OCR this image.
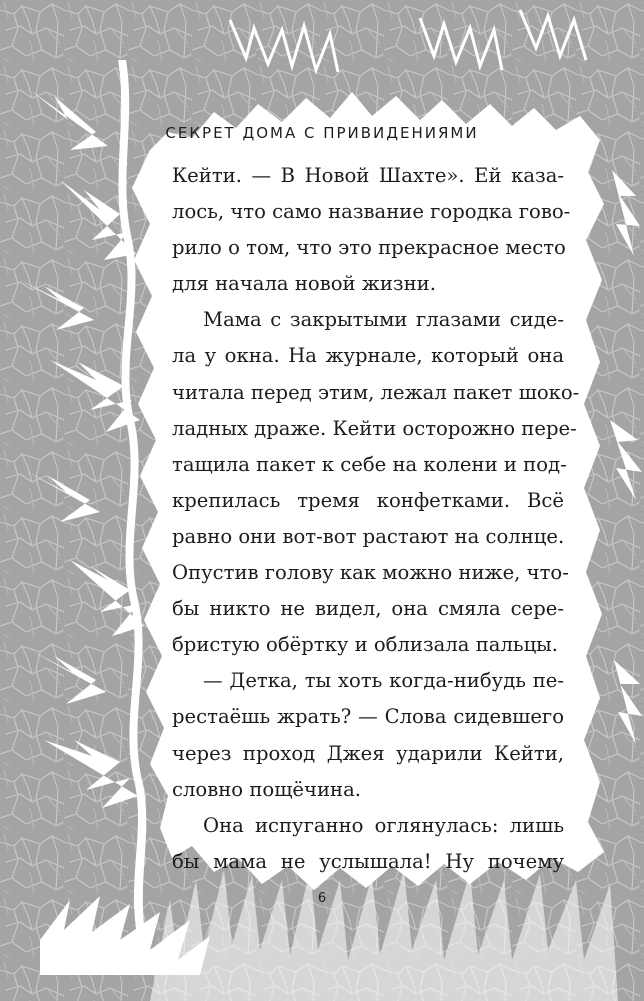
СЕКРЕТ ДОМА С ПРИВИДЕНИЯМИ
Кейти. — В Новой Шахте». Ей каза-
лось, что само название городка гово-
рило о том, что это прекрасное место
для начала новой жизни.
Мама с закрытыми глазами сиде-
ла у окна. На журнале, который она
читала перед этим, лежал пакет шоко-
ладных драже. Кейти осторожно пере-
тащила пакет к себе на колени и под-
крепилась тремя конфетками. Всё
равно они вот-вот растают на солнце.
Опустив голову как можно ниже, что-
бы никто не видел, она смяла сере-
бристую обёртку и облизала пальцы.
— Детка, ты хоть когда-нибудь пе-
рестаёшь жрать? — Слова сидевшего
через проход Джея ударили Кейти,
словно пощёчина.
Она испуганно оглянулась: лишь
бы мама не услышала! Ну почему
6
